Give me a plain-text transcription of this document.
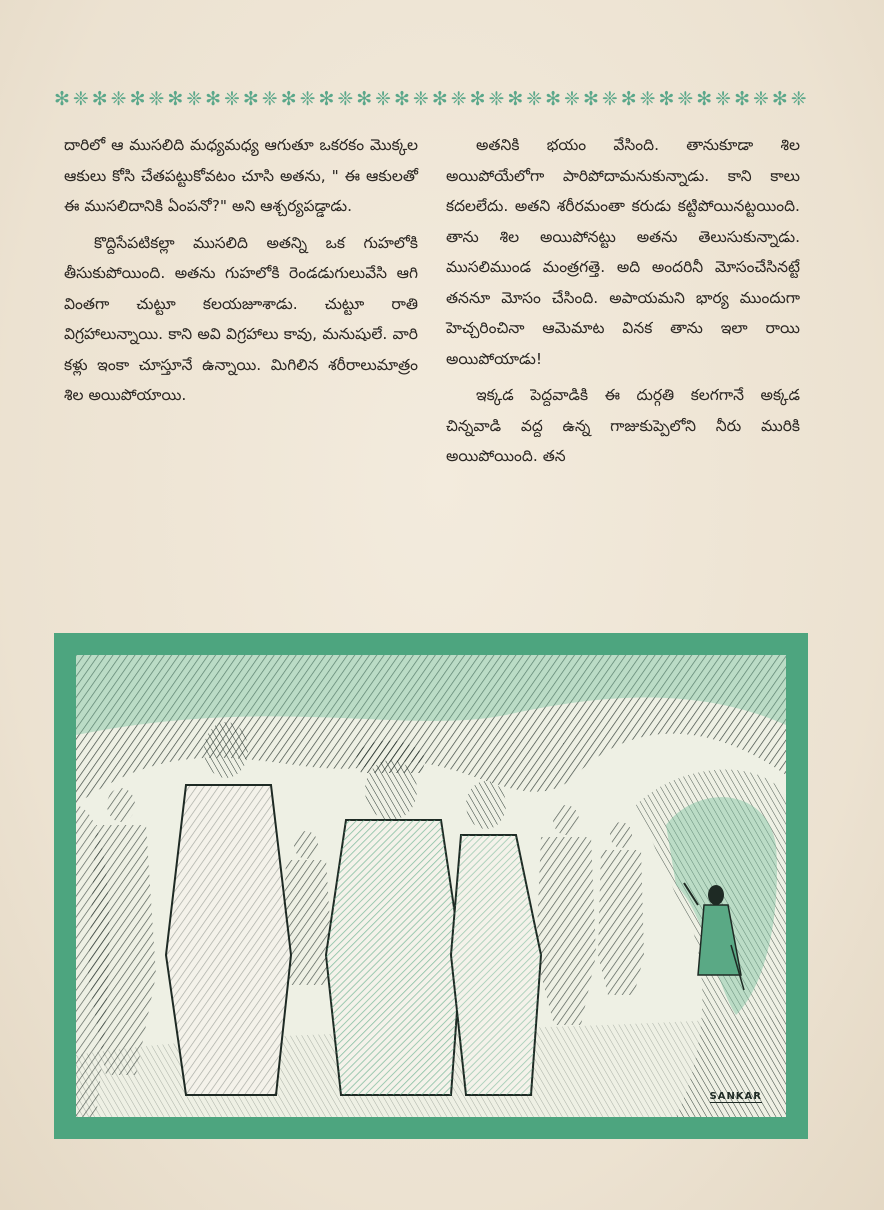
✻ ❈ ✻ ❈ ✻ ❈ ✻ ❈ ✻ ❈ ✻ ❈ ✻ ❈ ✻ ❈ ✻ ❈ ✻ ❈ ✻ ❈ ✻ ❈ ✻ ❈ ✻ ❈ ✻ ❈ ✻ ❈ ✻ ❈ ✻ ❈ ✻ ❈ ✻ ❈

దారిలో ఆ ముసలిది మధ్యమధ్య ఆగుతూ ఒకరకం మొక్కల ఆకులు కోసి చేతపట్టుకోవటం చూసి అతను, " ఈ ఆకులతో ఈ ముసలిదానికి ఏంపనో?" అని ఆశ్చర్యపడ్డాడు.

కొద్దిసేపటికల్లా ముసలిది అతన్ని ఒక గుహలోకి తీసుకుపోయింది. అతను గుహలోకి రెండడుగులువేసి ఆగి వింతగా చుట్టూ కలయజూశాడు. చుట్టూ రాతి విగ్రహాలున్నాయి. కాని అవి విగ్రహాలు కావు, మనుషులే. వారి కళ్లు ఇంకా చూస్తూనే ఉన్నాయి. మిగిలిన శరీరాలుమాత్రం శిల అయిపోయాయి.

అతనికి భయం వేసింది. తానుకూడా శిల అయిపోయేలోగా పారిపోదామనుకున్నాడు. కాని కాలు కదలలేదు. అతని శరీరమంతా కరుడు కట్టిపోయినట్టయింది. తాను శిల అయిపోనట్టు అతను తెలుసుకున్నాడు. ముసలిముండ మంత్రగత్తె. అది అందరినీ మోసంచేసినట్టే తననూ మోసం చేసింది. అపాయమని భార్య ముందుగా హెచ్చరించినా ఆమెమాట వినక తాను ఇలా రాయి అయిపోయాడు!

ఇక్కడ పెద్దవాడికి ఈ దుర్గతి కలగగానే అక్కడ చిన్నవాడి వద్ద ఉన్న గాజుకుప్పెలోని నీరు మురికి అయిపోయింది. తన

SANKAR
